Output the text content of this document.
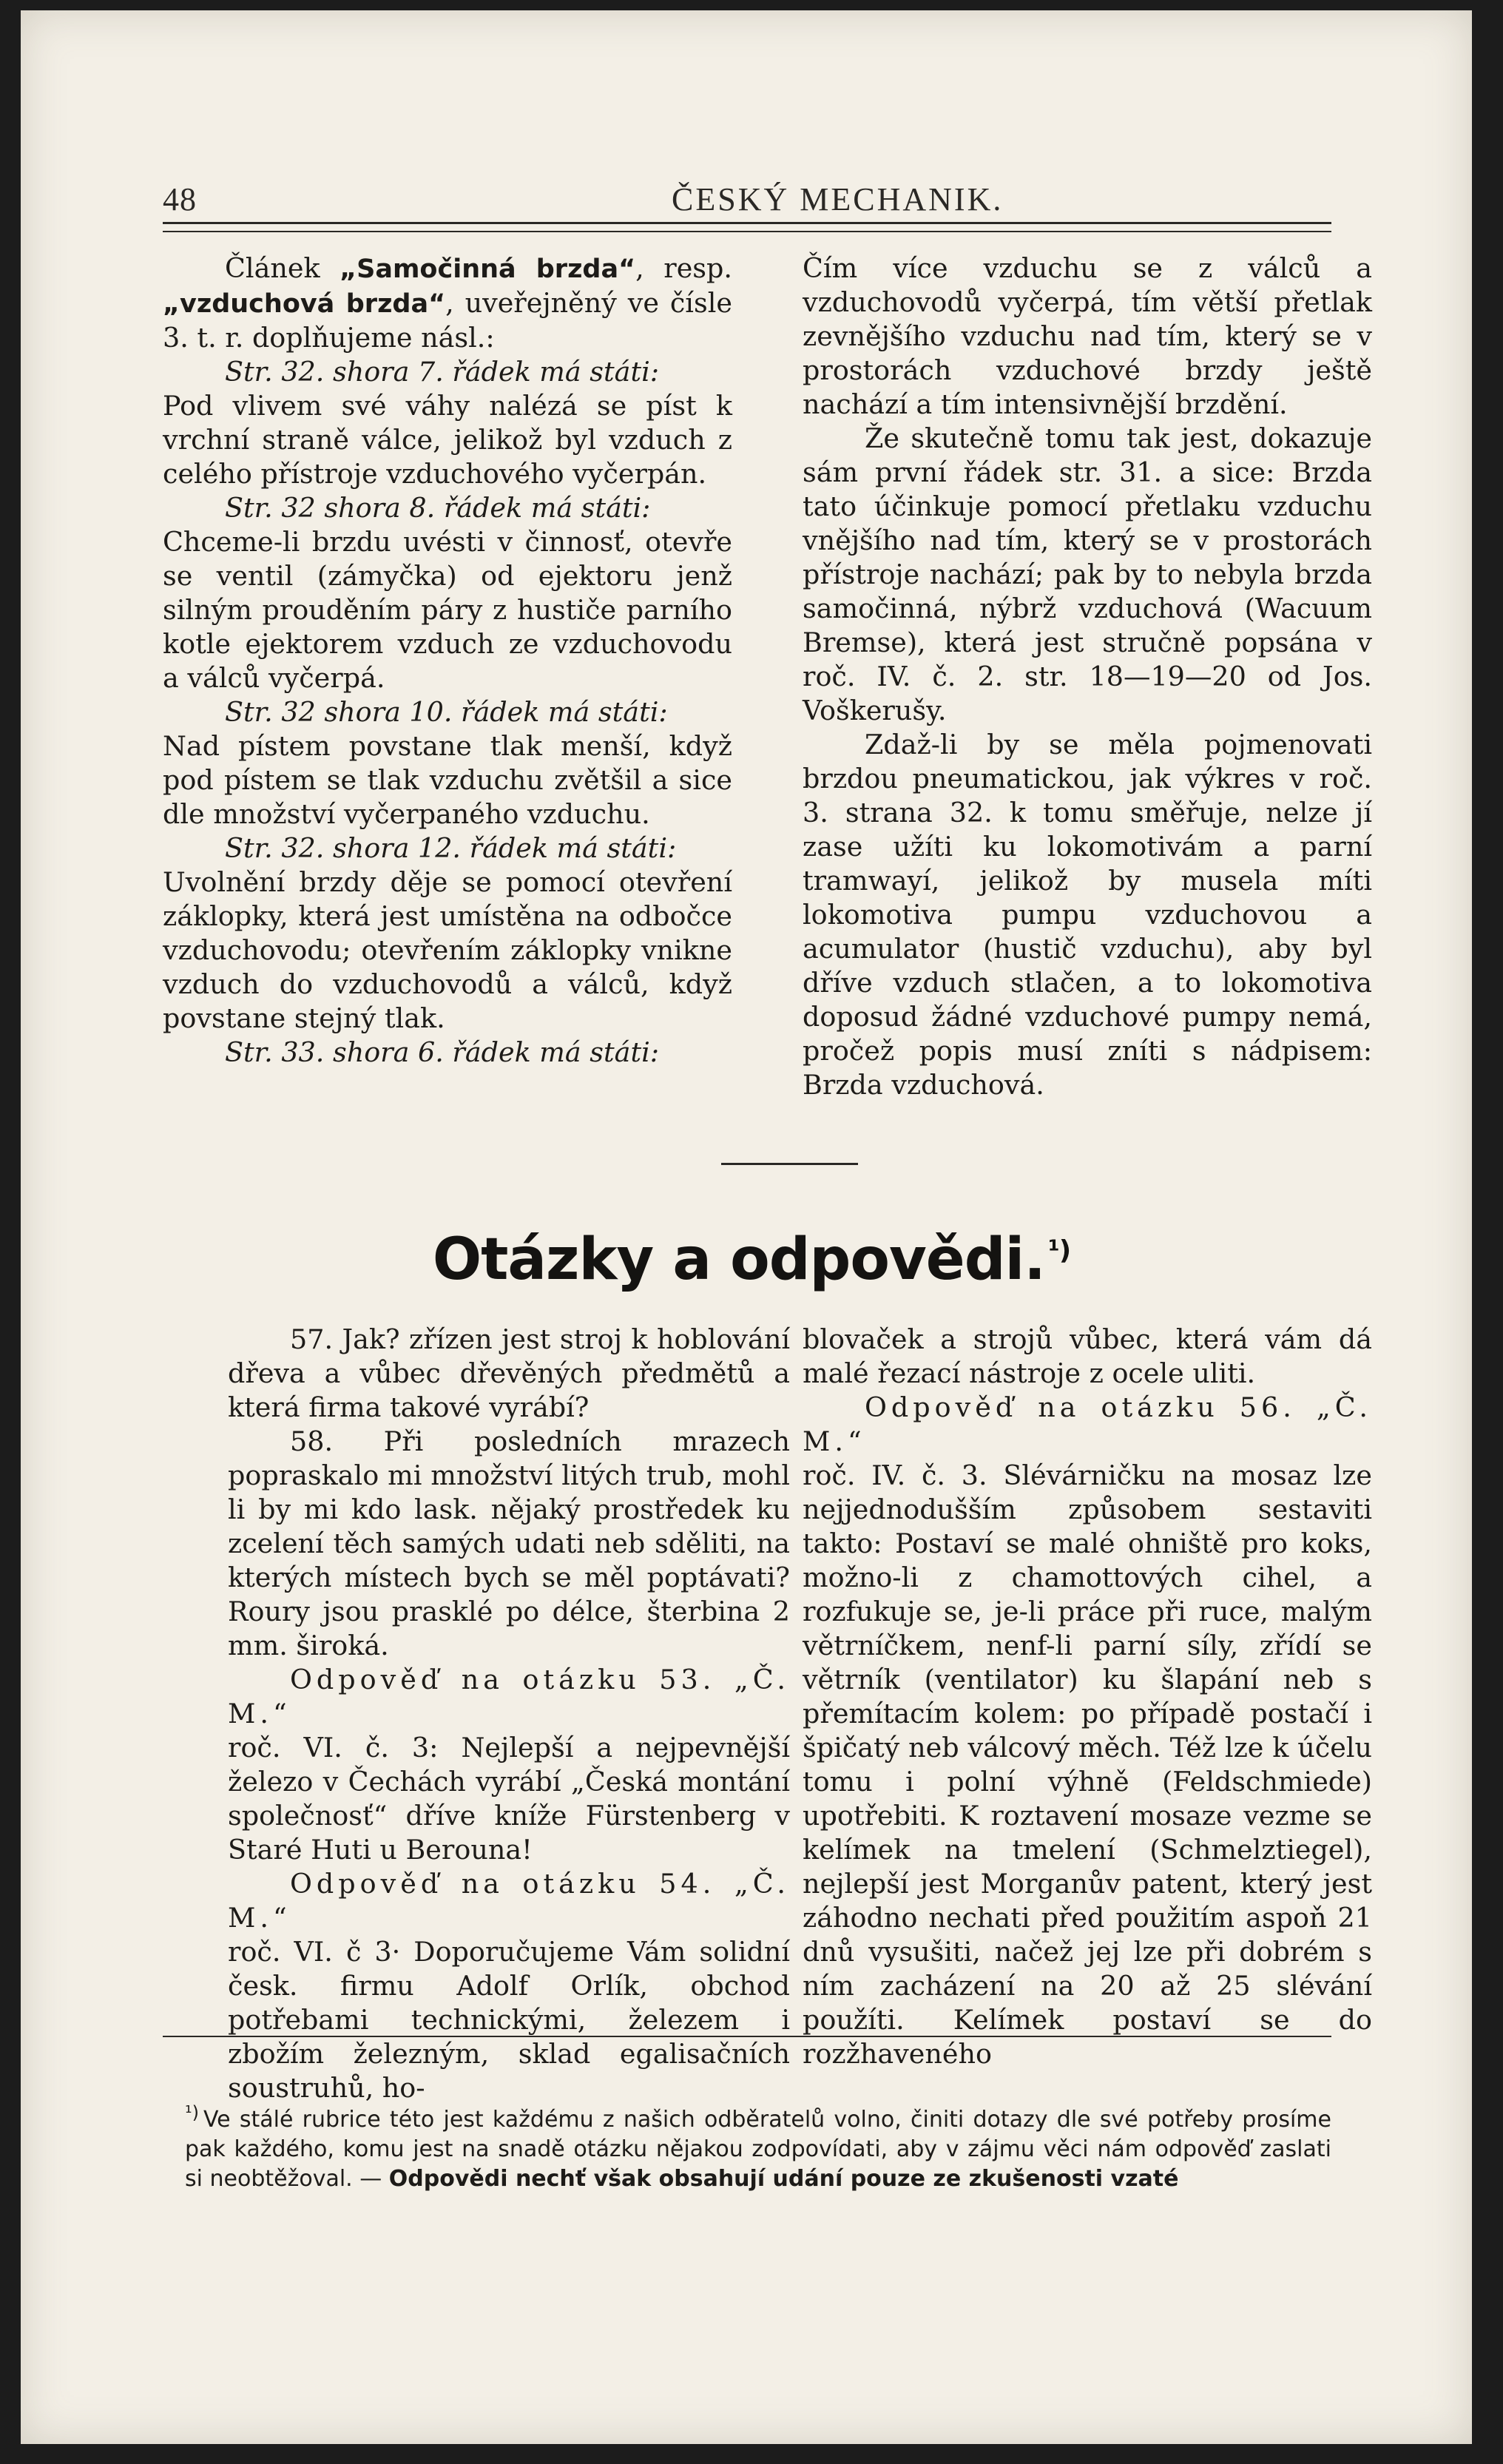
48	ČESKÝ MECHANIK.

Článek „Samočinná brzda“, resp. „vzduchová brzda“, uveřejněný ve čísle 3. t. r. doplňujeme násl.:

Str. 32. shora 7. řádek má státi:

Pod vlivem své váhy nalézá se píst k vrchní straně válce, jelikož byl vzduch z celého přístroje vzduchového vyčerpán.

Str. 32 shora 8. řádek má státi:

Chceme-li brzdu uvésti v činnosť, otevře se ventil (zámyčka) od ejektoru jenž silným prouděním páry z hustiče parního kotle ejektorem vzduch ze vzduchovodu a válců vyčerpá.

Str. 32 shora 10. řádek má státi:

Nad pístem povstane tlak menší, když pod pístem se tlak vzduchu zvětšil a sice dle množství vyčerpaného vzduchu.

Str. 32. shora 12. řádek má státi:

Uvolnění brzdy děje se pomocí otevření záklopky, která jest umístěna na odbočce vzduchovodu; otevřením záklopky vnikne vzduch do vzduchovodů a válců, když povstane stejný tlak.

Str. 33. shora 6. řádek má státi:

Čím více vzduchu se z válců a vzduchovodů vyčerpá, tím větší přetlak zevnějšího vzduchu nad tím, který se v prostorách vzduchové brzdy ještě nachází a tím intensivnější brzdění.

Že skutečně tomu tak jest, dokazuje sám první řádek str. 31. a sice: Brzda tato účinkuje pomocí přetlaku vzduchu vnějšího nad tím, který se v prostorách přístroje nachází; pak by to nebyla brzda samočinná, nýbrž vzduchová (Wacuum Bremse), která jest stručně popsána v roč. IV. č. 2. str. 18—19—20 od Jos. Voškerušy.

Zdaž-li by se měla pojmenovati brzdou pneumatickou, jak výkres v roč. 3. strana 32. k tomu směřuje, nelze jí zase užíti ku lokomotivám a parní tramwayí, jelikož by musela míti lokomotiva pumpu vzduchovou a acumulator (hustič vzduchu), aby byl dříve vzduch stlačen, a to lokomotiva doposud žádné vzduchové pumpy nemá, pročež popis musí zníti s nádpisem: Brzda vzduchová.

Otázky a odpovědi. $^{^1)}$

57. Jak? zřízen jest stroj k hoblování dřeva a vůbec dřevěných předmětů a která firma takové vyrábí?

58. Při posledních mrazech popraskalo mi množství litých trub, mohl li by mi kdo lask. nějaký prostředek ku zcelení těch samých udati neb sděliti, na kterých místech bych se měl poptávati? Roury jsou prasklé po délce, šterbina 2 mm. široká.

Odpověď na otázku 53. „Č. M.“

roč. VI. č. 3: Nejlepší a nejpevnější železo v Čechách vyrábí „Česká montání společnosť“ dříve knížе Fürstenberg v Staré Huti u Berouna!

Odpověď na otázku 54. „Č. M.“

roč. VI. č 3· Doporučujeme Vám solidní česk. firmu Adolf Orlík, obchod potřebami technickými, železem i zbožím železným, sklad egalisačních soustruhů, ho-

blovaček a strojů vůbec, která vám dá malé řezací nástroje z ocele uliti.

Odpověď na otázku 56. „Č. M.“

roč. IV. č. 3. Slévárničku na mosaz lze nejjednodušším způsobem sestaviti takto: Postaví se malé ohniště pro koks, možno-li z chamottových cihel, a rozfukuje se, je-li práce při ruce, malým větrníčkem, nenf-li parní síly, zřídí se větrník (ventilator) ku šlapání neb s přemítacím kolem: po případě postačí i špičatý neb válcový měch. Též lze k účelu tomu i polní výhně (Feldschmiede) upotřebiti. K roztavení mosaze vezme se kelímek na tmelení (Schmelztiegel), nejlepší jest Morganův patent, který jest záhodno nechati před použitím aspoň 21 dnů vysušiti, načež jej lze při dobrém s ním zacházení na 20 až 25 slévání použíti. Kelímek postaví se do rozžhaveného

$^{^1)}$ Ve stálé rubrice této jest každému z našich odběratelů volno, činiti dotazy dle své potřeby prosíme pak každého, komu jest na snadě otázku nějakou zodpovídati, aby v zájmu věci nám odpověď zaslati si neobtěžoval. — Odpovědi nechť však obsahují udání pouze ze zkušenosti vzaté
